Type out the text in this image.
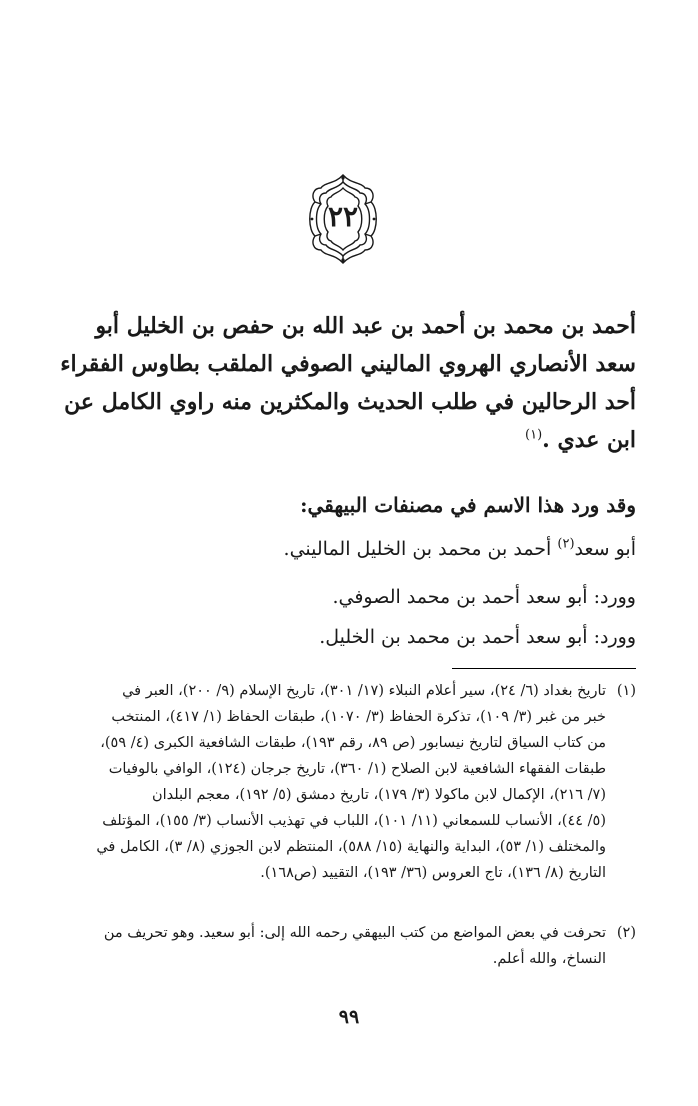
٢٢

أحمد بن محمد بن أحمد بن عبد الله بن حفص بن الخليل أبو

سعد الأنصاري الهروي المالیني الصوفي الملقب بطاوس الفقراء

أحد الرحالين في طلب الحديث والمكثرين منه راوي الكامل عن

ابن عدي .$^{(١)}$

وقد ورد هذا الاسم في مصنفات البيهقي:

أبو سعد$^{(٢)}$ أحمد بن محمد بن الخليل الماليني.

وورد: أبو سعد أحمد بن محمد الصوفي.

وورد: أبو سعد أحمد بن محمد بن الخليل.

(١)
تاريخ بغداد (٦/ ٢٤)، سير أعلام النبلاء (١٧/ ٣٠١)، تاريخ الإسلام (٩/ ٢٠٠)، العبر في
خبر من غبر (٣/ ١٠٩)، تذكرة الحفاظ (٣/ ١٠٧٠)، طبقات الحفاظ (١/ ٤١٧)، المنتخب
من كتاب السياق لتاريخ نيسابور (ص ٨٩، رقم ١٩٣)، طبقات الشافعية الكبرى (٤/ ٥٩)،
طبقات الفقهاء الشافعية لابن الصلاح (١/ ٣٦٠)، تاريخ جرجان (١٢٤)، الوافي بالوفيات
(٧/ ٢١٦)، الإكمال لابن ماكولا (٣/ ١٧٩)، تاريخ دمشق (٥/ ١٩٢)، معجم البلدان
(٥/ ٤٤)، الأنساب للسمعاني (١١/ ١٠١)، اللباب في تهذيب الأنساب (٣/ ١٥٥)، المؤتلف
والمختلف (١/ ٥٣)، البداية والنهاية (١٥/ ٥٨٨)، المنتظم لابن الجوزي (٨/ ٣)، الكامل في
التاريخ (٨/ ١٣٦)، تاج العروس (٣٦/ ١٩٣)، التقييد (ص١٦٨).
(٢)
تحرفت في بعض المواضع من كتب البيهقي رحمه الله إلى: أبو سعيد. وهو تحريف من
النساخ، والله أعلم.
٩٩
